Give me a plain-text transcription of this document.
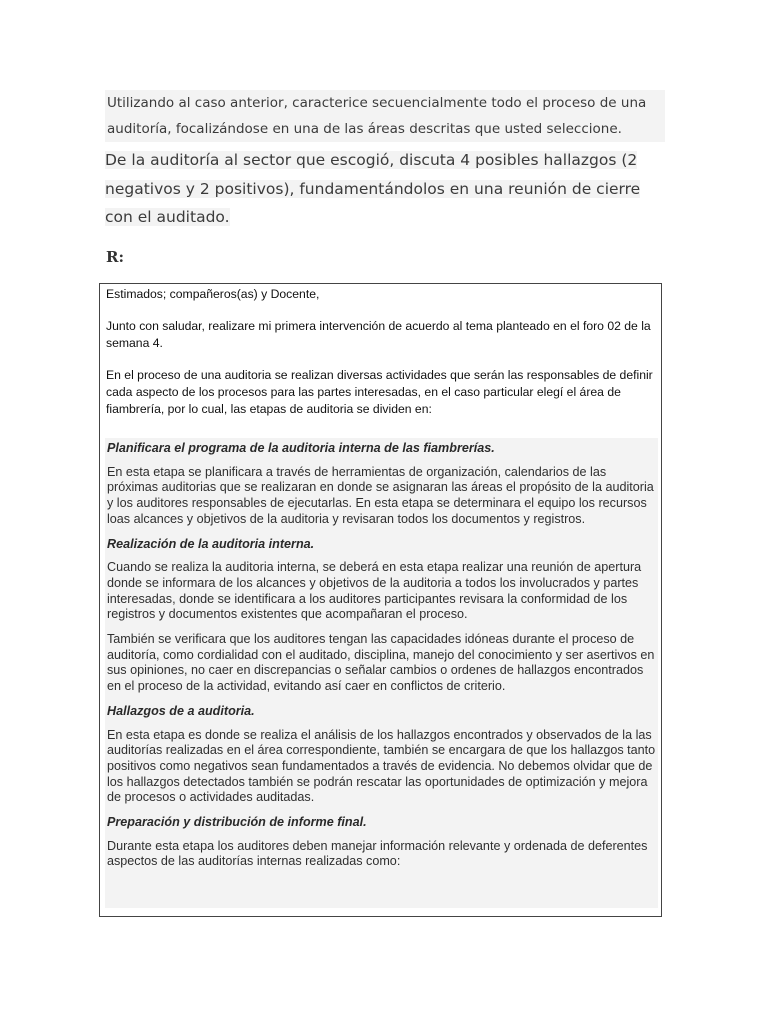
Utilizando al caso anterior, caracterice secuencialmente todo el proceso de una auditoría, focalizándose en una de las áreas descritas que usted seleccione.
De la auditoría al sector que escogió, discuta 4 posibles hallazgos (2 negativos y 2 positivos), fundamentándolos en una reunión de cierre con el auditado.
R:

Estimados; compañeros(as) y Docente,

Junto con saludar, realizare mi primera intervención de acuerdo al tema planteado en el foro 02 de la semana 4.

En el proceso de una auditoria se realizan diversas actividades que serán las responsables de definir cada aspecto de los procesos para las partes interesadas, en el caso particular elegí el área de fiambrería, por lo cual, las etapas de auditoria se dividen en:

Planificara el programa de la auditoria interna de las fiambrerías.

En esta etapa se planificara a través de herramientas de organización, calendarios de las próximas auditorias que se realizaran en donde se asignaran las áreas el propósito de la auditoria y los auditores responsables de ejecutarlas. En esta etapa se determinara el equipo los recursos loas alcances y objetivos de la auditoria y revisaran todos los documentos y registros.

Realización de la auditoria interna.

Cuando se realiza la auditoria interna, se deberá en esta etapa realizar una reunión de apertura donde se informara de los alcances y objetivos de la auditoria a todos los involucrados y partes interesadas, donde se identificara a los auditores participantes revisara la conformidad de los registros y documentos existentes que acompañaran el proceso.

También se verificara que los auditores tengan las capacidades idóneas durante el proceso de auditoría, como cordialidad con el auditado, disciplina, manejo del conocimiento y ser asertivos en sus opiniones, no caer en discrepancias o señalar cambios o ordenes de hallazgos encontrados en el proceso de la actividad, evitando así caer en conflictos de criterio.

Hallazgos de a auditoria.

En esta etapa es donde se realiza el análisis de los hallazgos encontrados y observados de la las auditorías realizadas en el área correspondiente, también se encargara de que los hallazgos tanto positivos como negativos sean fundamentados a través de evidencia. No debemos olvidar que de los hallazgos detectados también se podrán rescatar las oportunidades de optimización y mejora de procesos o actividades auditadas.

Preparación y distribución de informe final.

Durante esta etapa los auditores deben manejar información relevante y ordenada de deferentes aspectos de las auditorías internas realizadas como:
